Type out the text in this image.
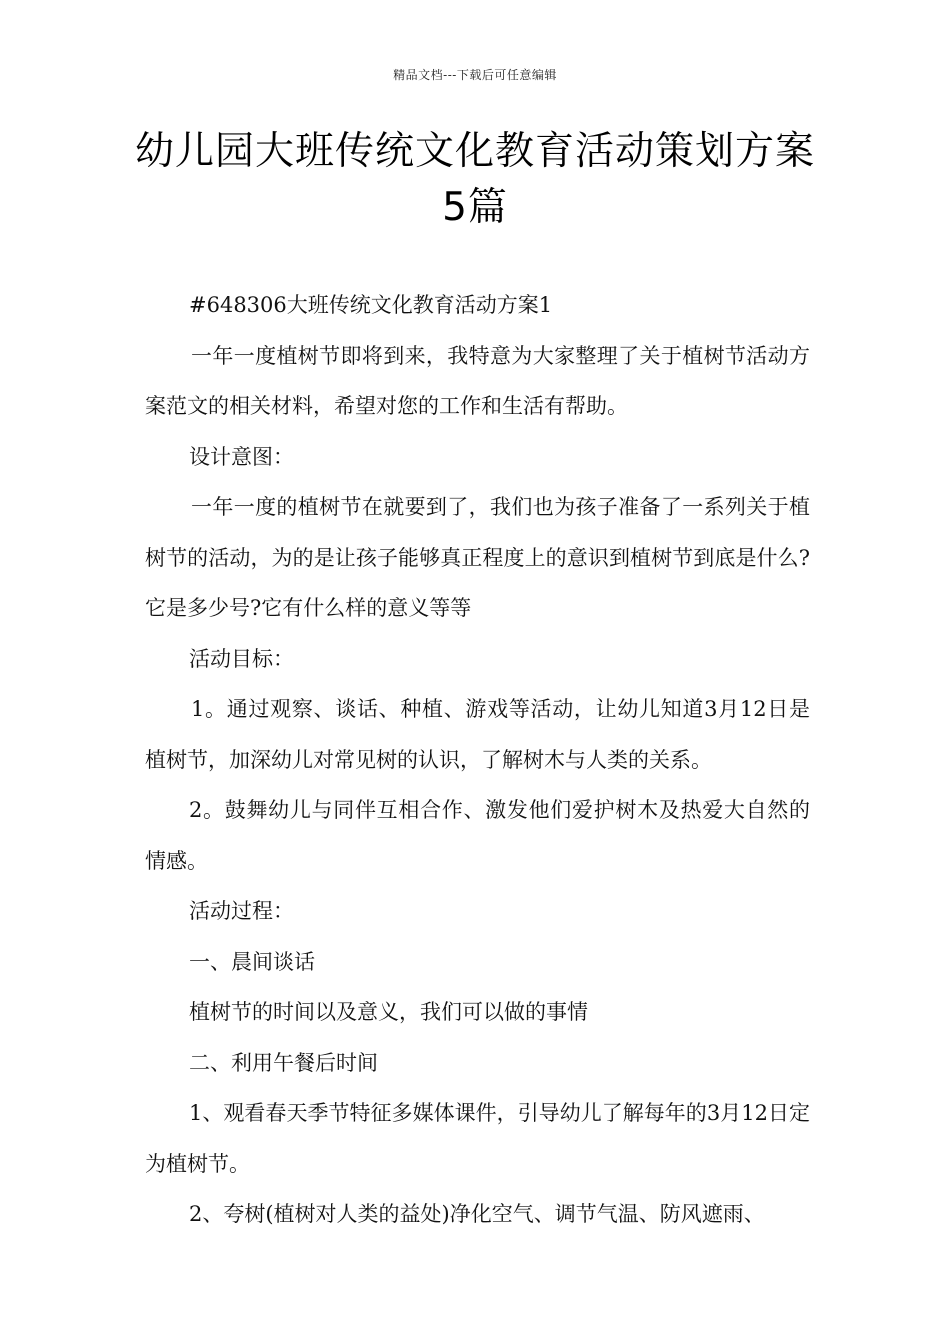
精品文档---下载后可任意编辑
幼儿园大班传统文化教育活动策划方案
5篇

#648306大班传统文化教育活动方案1

一年一度植树节即将到来，我特意为大家整理了关于植树节活动方案范文的相关材料，希望对您的工作和生活有帮助。

设计意图：

一年一度的植树节在就要到了，我们也为孩子准备了一系列关于植树节的活动，为的是让孩子能够真正程度上的意识到植树节到底是什么?它是多少号?它有什么样的意义等等

活动目标：

1。通过观察、谈话、种植、游戏等活动，让幼儿知道3月12日是植树节，加深幼儿对常见树的认识，了解树木与人类的关系。

2。鼓舞幼儿与同伴互相合作、激发他们爱护树木及热爱大自然的情感。

活动过程：

一、晨间谈话

植树节的时间以及意义，我们可以做的事情

二、利用午餐后时间

1、观看春天季节特征多媒体课件，引导幼儿了解每年的3月12日定为植树节。

2、夸树(植树对人类的益处)净化空气、调节气温、防风遮雨、
